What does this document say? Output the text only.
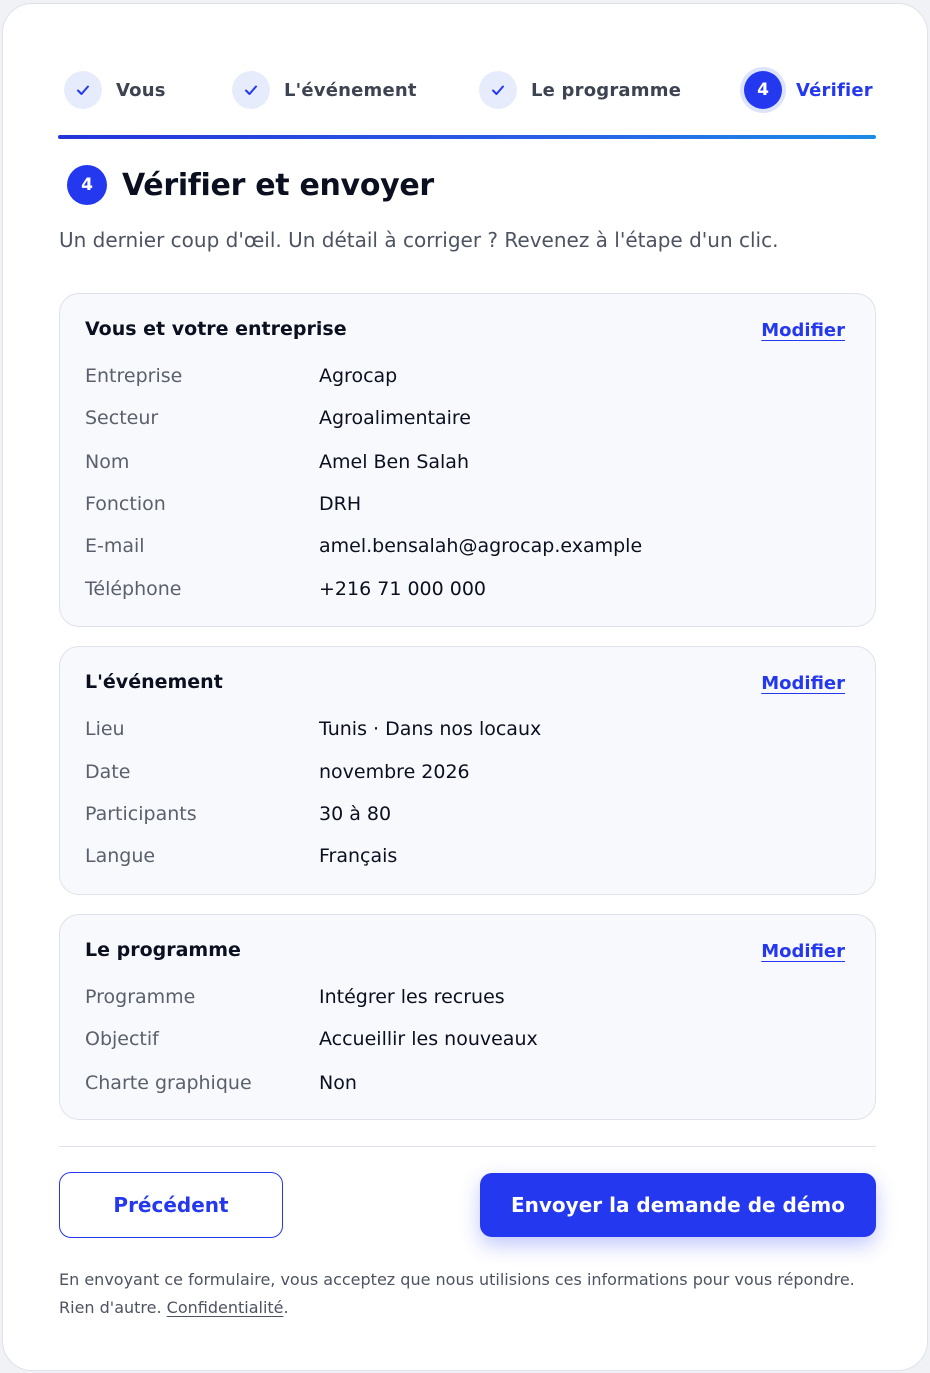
Vous	L'événement	Le programme	4	Vérifier
4 Vérifier et envoyer

Un dernier coup d'œil. Un détail à corriger ? Revenez à l'étape d'un clic.

Vous et votre entreprise	Modifier
Entreprise	Agrocap
Secteur	Agroalimentaire
Nom	Amel Ben Salah
Fonction	DRH
E-mail	amel.bensalah@agrocap.example
Téléphone	+216 71 000 000
L'événement	Modifier
Lieu	Tunis · Dans nos locaux
Date	novembre 2026
Participants	30 à 80
Langue	Français
Le programme	Modifier
Programme	Intégrer les recrues
Objectif	Accueillir les nouveaux
Charte graphique	Non
Précédent	Envoyer la demande de démo

En envoyant ce formulaire, vous acceptez que nous utilisions ces informations pour vous répondre. Rien d'autre. Confidentialité.
